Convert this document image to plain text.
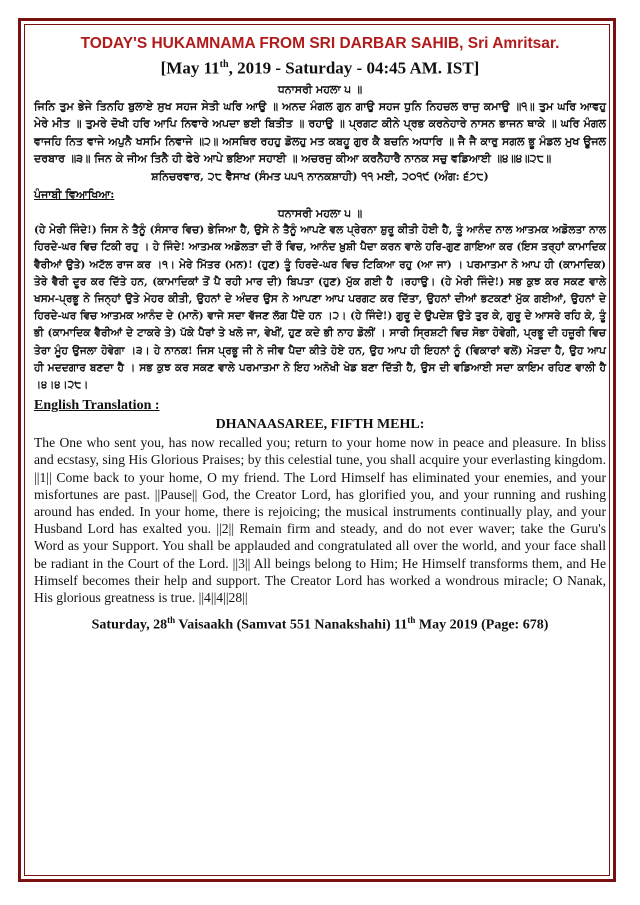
TODAY'S HUKAMNAMA FROM SRI DARBAR SAHIB, Sri Amritsar.

[May 11th, 2019 - Saturday - 04:45 AM. IST]

ਧਨਾਸਰੀ ਮਹਲਾ ੫ ॥

ਜਿਨਿ ਤੁਮ ਭੇਜੇ ਤਿਨਹਿ ਬੁਲਾਏ ਸੁਖ ਸਹਜ ਸੇਤੀ ਘਰਿ ਆਉ ॥ ਅਨਦ ਮੰਗਲ ਗੁਨ ਗਾਉ ਸਹਜ ਧੁਨਿ ਨਿਹਚਲ ਰਾਜੁ ਕਮਾਉ ॥੧॥ ਤੁਮ ਘਰਿ ਆਵਹੁ ਮੇਰੇ ਮੀਤ ॥ ਤੁਮਰੇ ਦੋਖੀ ਹਰਿ ਆਪਿ ਨਿਵਾਰੇ ਅਪਦਾ ਭਈ ਬਿਤੀਤ ॥ ਰਹਾਉ ॥ ਪ੍ਰਗਟ ਕੀਨੇ ਪ੍ਰਭ ਕਰਨੇਹਾਰੇ ਨਾਸਨ ਭਾਜਨ ਥਾਕੇ ॥ ਘਰਿ ਮੰਗਲ ਵਾਜਹਿ ਨਿਤ ਵਾਜੇ ਅਪੁਨੈ ਖਸਮਿ ਨਿਵਾਜੇ ॥੨॥ ਅਸਥਿਰ ਰਹਹੁ ਡੋਲਹੁ ਮਤ ਕਬਹੂ ਗੁਰ ਕੈ ਬਚਨਿ ਅਧਾਰਿ ॥ ਜੈ ਜੈ ਕਾਰੁ ਸਗਲ ਭੂ ਮੰਡਲ ਮੁਖ ਊਜਲ ਦਰਬਾਰ ॥੩॥ ਜਿਨ ਕੇ ਜੀਅ ਤਿਨੈ ਹੀ ਫੇਰੇ ਆਪੇ ਭਇਆ ਸਹਾਈ ॥ ਅਚਰਜੁ ਕੀਆ ਕਰਨੈਹਾਰੈ ਨਾਨਕ ਸਚੁ ਵਡਿਆਈ ॥੪॥੪॥੨੮॥

ਸ਼ਨਿਚਰਵਾਰ, ੨੮ ਵੈਸਾਖ (ਸੰਮਤ ੫੫੧ ਨਾਨਕਸ਼ਾਹੀ) ੧੧ ਮਈ, ੨੦੧੯ (ਅੰਗ: ੬੭੮)

ਪੰਜਾਬੀ ਵਿਆਖਿਆ:

ਧਨਾਸਰੀ ਮਹਲਾ ੫ ॥

(ਹੇ ਮੇਰੀ ਜਿੰਦੇ!) ਜਿਸ ਨੇ ਤੈਨੂੰ (ਸੰਸਾਰ ਵਿਚ) ਭੇਜਿਆ ਹੈ, ਉਸੇ ਨੇ ਤੈਨੂੰ ਆਪਣੇ ਵਲ ਪ੍ਰੇਰਨਾ ਸ਼ੁਰੂ ਕੀਤੀ ਹੋਈ ਹੈ, ਤੂੰ ਆਨੰਦ ਨਾਲ ਆਤਮਕ ਅਡੋਲਤਾ ਨਾਲ ਹਿਰਦੇ-ਘਰ ਵਿਚ ਟਿਕੀ ਰਹੁ । ਹੇ ਜਿੰਦੇ! ਆਤਮਕ ਅਡੋਲਤਾ ਦੀ ਰੌ ਵਿਚ, ਆਨੰਦ ਖ਼ੁਸ਼ੀ ਪੈਦਾ ਕਰਨ ਵਾਲੇ ਹਰਿ-ਗੁਣ ਗਾਇਆ ਕਰ (ਇਸ ਤਰ੍ਹਾਂ ਕਾਮਾਦਿਕ ਵੈਰੀਆਂ ਉਤੇ) ਅਟੱਲ ਰਾਜ ਕਰ ।੧। ਮੇਰੇ ਮਿੱਤਰ (ਮਨ)! (ਹੁਣ) ਤੂੰ ਹਿਰਦੇ-ਘਰ ਵਿਚ ਟਿਕਿਆ ਰਹੁ (ਆ ਜਾ) । ਪਰਮਾਤਮਾ ਨੇ ਆਪ ਹੀ (ਕਾਮਾਦਿਕ) ਤੇਰੇ ਵੈਰੀ ਦੂਰ ਕਰ ਦਿੱਤੇ ਹਨ, (ਕਾਮਾਦਿਕਾਂ ਤੋਂ ਪੈ ਰਹੀ ਮਾਰ ਦੀ) ਬਿਪਤਾ (ਹੁਣ) ਮੁੱਕ ਗਈ ਹੈ ।ਰਹਾਉ। (ਹੇ ਮੇਰੀ ਜਿੰਦੇ!) ਸਭ ਕੁਝ ਕਰ ਸਕਣ ਵਾਲੇ ਖਸਮ-ਪ੍ਰਭੂ ਨੇ ਜਿਨ੍ਹਾਂ ਉਤੇ ਮੇਹਰ ਕੀਤੀ, ਉਹਨਾਂ ਦੇ ਅੰਦਰ ਉਸ ਨੇ ਆਪਣਾ ਆਪ ਪਰਗਟ ਕਰ ਦਿੱਤਾ, ਉਹਨਾਂ ਦੀਆਂ ਭਟਕਣਾਂ ਮੁੱਕ ਗਈਆਂ, ਉਹਨਾਂ ਦੇ ਹਿਰਦੇ-ਘਰ ਵਿਚ ਆਤਮਕ ਆਨੰਦ ਦੇ (ਮਾਨੋ) ਵਾਜੇ ਸਦਾ ਵੱਜਣ ਲੱਗ ਪੈਂਦੇ ਹਨ ।੨। (ਹੇ ਜਿੰਦੇ!) ਗੁਰੂ ਦੇ ਉਪਦੇਸ਼ ਉਤੇ ਤੁਰ ਕੇ, ਗੁਰੂ ਦੇ ਆਸਰੇ ਰਹਿ ਕੇ, ਤੂੰ ਭੀ (ਕਾਮਾਦਿਕ ਵੈਰੀਆਂ ਦੇ ਟਾਕਰੇ ਤੇ) ਪੱਕੇ ਪੈਰਾਂ ਤੇ ਖਲੋ ਜਾ, ਵੇਖੀਂ, ਹੁਣ ਕਦੇ ਭੀ ਨਾਹ ਡੋਲੀਂ । ਸਾਰੀ ਸ੍ਰਿਸ਼ਟੀ ਵਿਚ ਸੋਭਾ ਹੋਵੇਗੀ, ਪ੍ਰਭੂ ਦੀ ਹਜ਼ੂਰੀ ਵਿਚ ਤੇਰਾ ਮੂੰਹ ਉਜਲਾ ਹੋਵੇਗਾ ।੩। ਹੇ ਨਾਨਕ! ਜਿਸ ਪ੍ਰਭੂ ਜੀ ਨੇ ਜੀਵ ਪੈਦਾ ਕੀਤੇ ਹੋਏ ਹਨ, ਉਹ ਆਪ ਹੀ ਇਹਨਾਂ ਨੂੰ (ਵਿਕਾਰਾਂ ਵਲੋਂ) ਮੋੜਦਾ ਹੈ, ਉਹ ਆਪ ਹੀ ਮਦਦਗਾਰ ਬਣਦਾ ਹੈ । ਸਭ ਕੁਝ ਕਰ ਸਕਣ ਵਾਲੇ ਪਰਮਾਤਮਾ ਨੇ ਇਹ ਅਨੋਖੀ ਖੇਡ ਬਣਾ ਦਿੱਤੀ ਹੈ, ਉਸ ਦੀ ਵਡਿਆਈ ਸਦਾ ਕਾਇਮ ਰਹਿਣ ਵਾਲੀ ਹੈ ।੪।੪।੨੮।

English Translation :

DHANAASAREE, FIFTH MEHL:

The One who sent you, has now recalled you; return to your home now in peace and pleasure. In bliss and ecstasy, sing His Glorious Praises; by this celestial tune, you shall acquire your everlasting kingdom. ||1|| Come back to your home, O my friend. The Lord Himself has eliminated your enemies, and your misfortunes are past. ||Pause|| God, the Creator Lord, has glorified you, and your running and rushing around has ended. In your home, there is rejoicing; the musical instruments continually play, and your Husband Lord has exalted you. ||2|| Remain firm and steady, and do not ever waver; take the Guru's Word as your Support. You shall be applauded and congratulated all over the world, and your face shall be radiant in the Court of the Lord. ||3|| All beings belong to Him; He Himself transforms them, and He Himself becomes their help and support. The Creator Lord has worked a wondrous miracle; O Nanak, His glorious greatness is true. ||4||4||28||

Saturday, 28th Vaisaakh (Samvat 551 Nanakshahi) 11th May 2019 (Page: 678)
